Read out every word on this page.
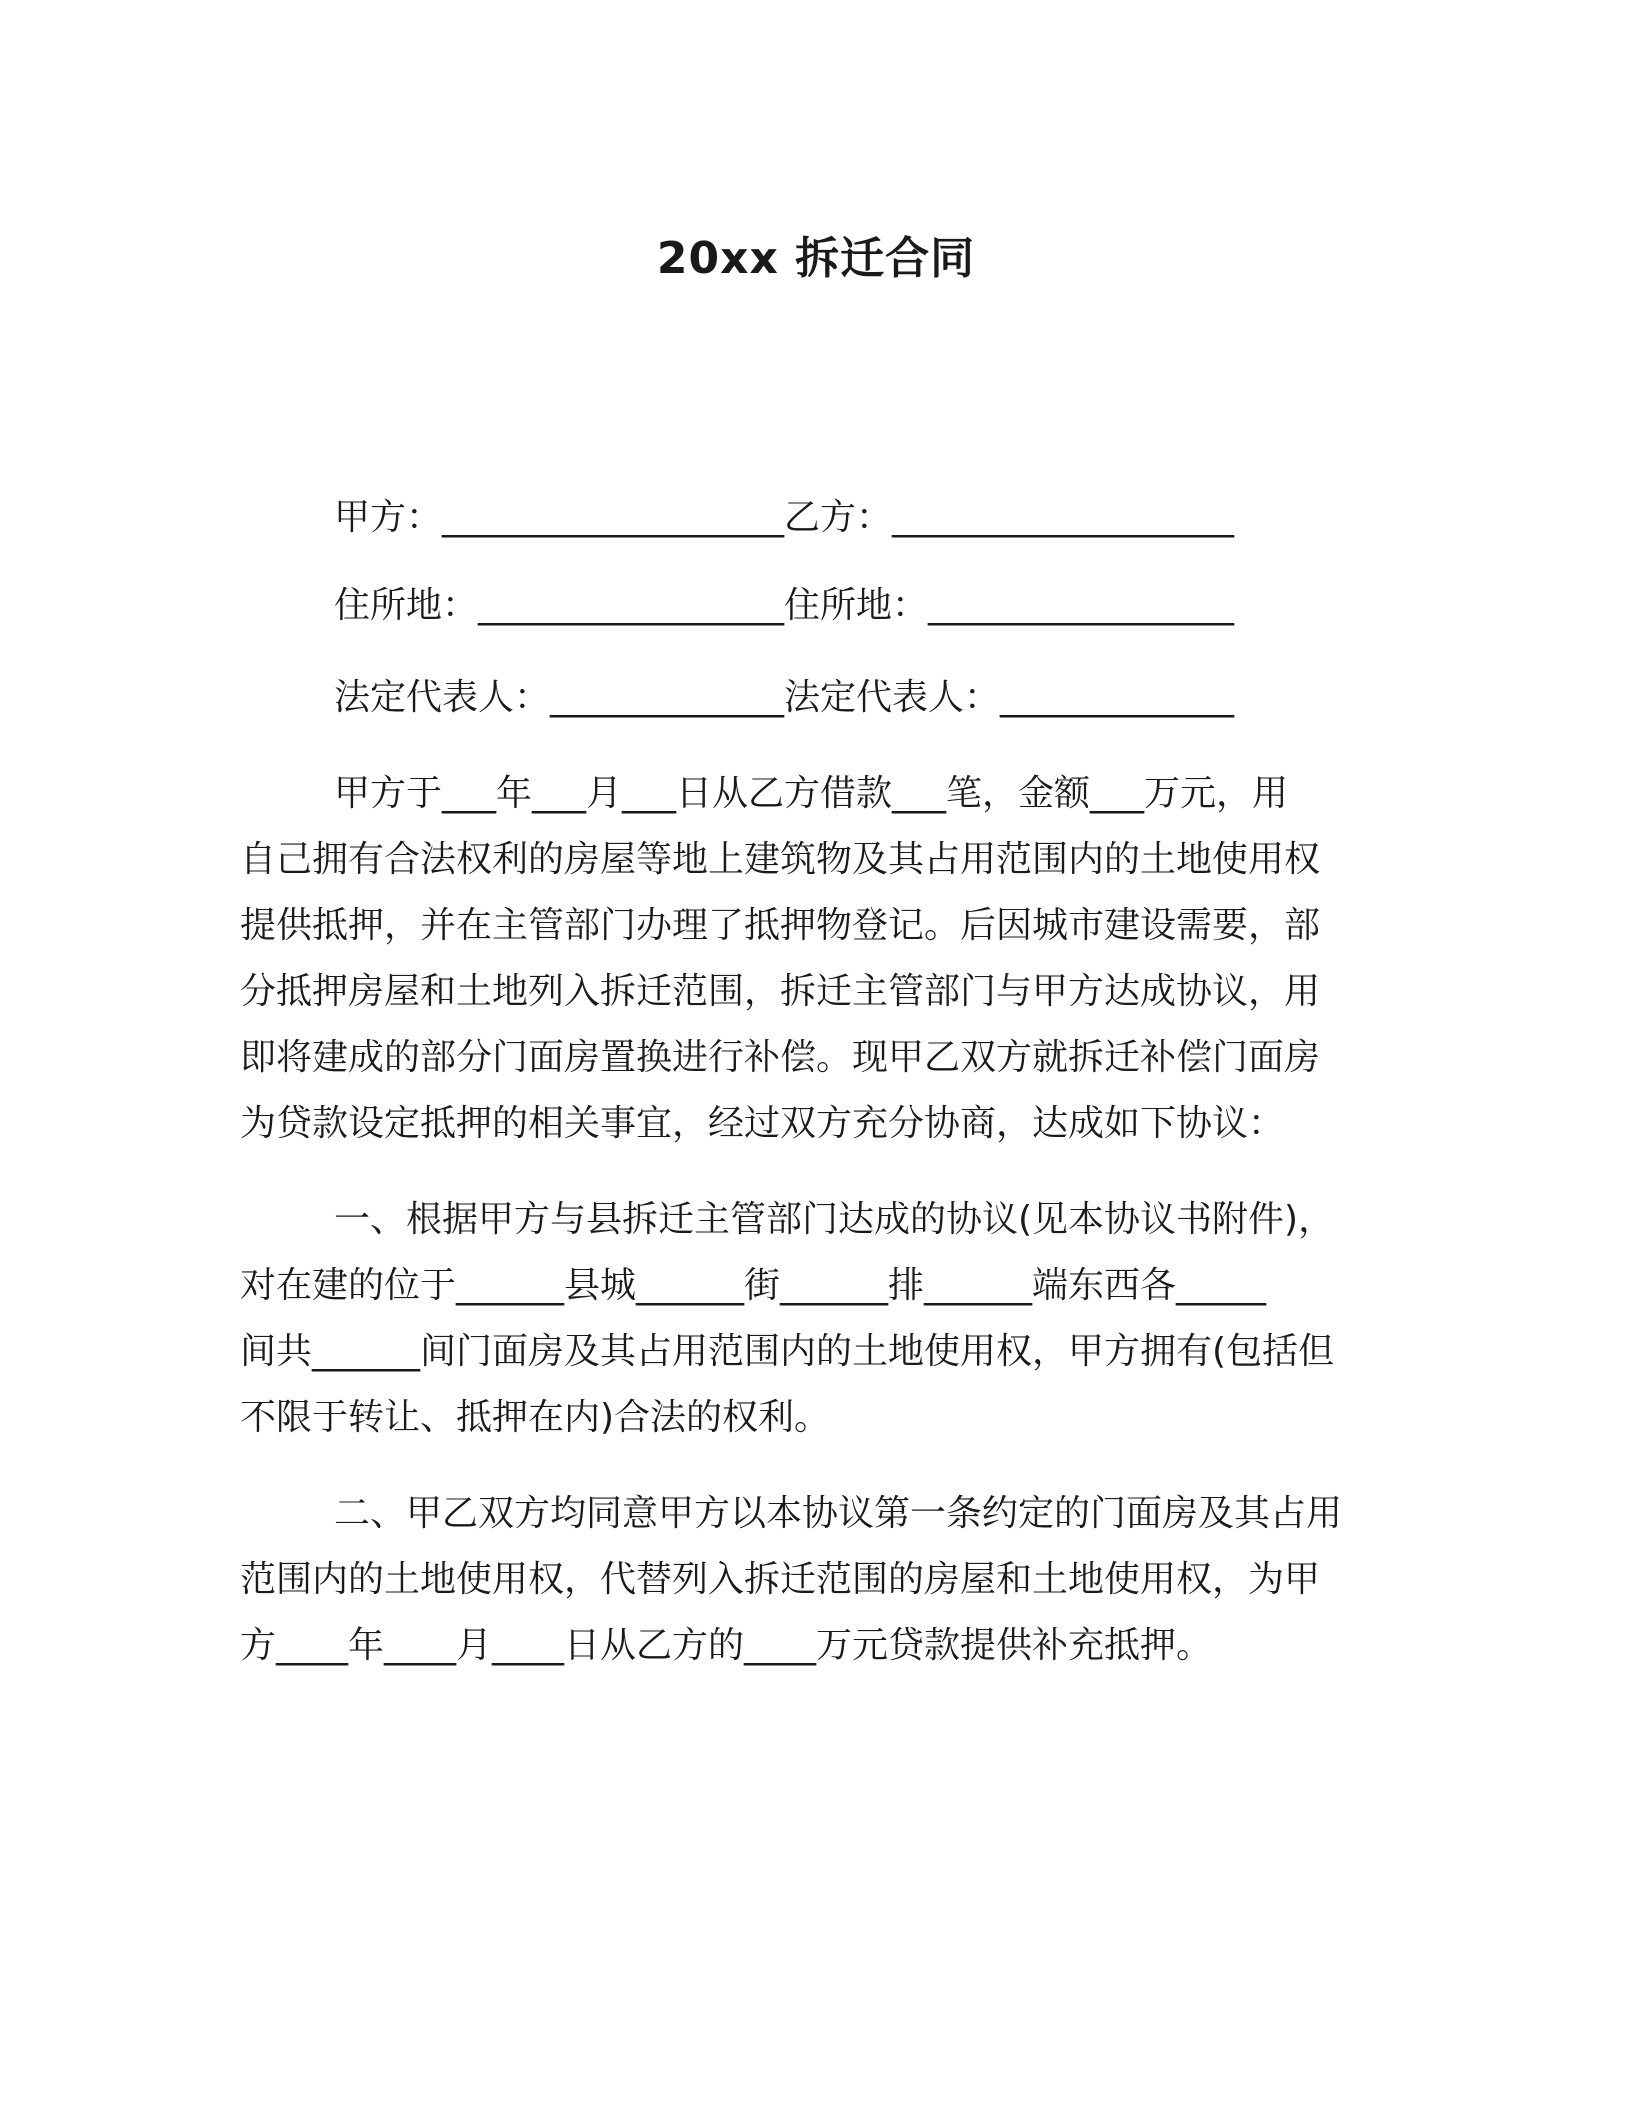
20xx 拆迁合同

甲方：___________________乙方：___________________

住所地：_________________住所地：_________________

法定代表人：_____________法定代表人：_____________

甲方于___年___月___日从乙方借款___笔，金额___万元，用

自己拥有合法权利的房屋等地上建筑物及其占用范围内的土地使用权

提供抵押，并在主管部门办理了抵押物登记。后因城市建设需要，部

分抵押房屋和土地列入拆迁范围，拆迁主管部门与甲方达成协议，用

即将建成的部分门面房置换进行补偿。现甲乙双方就拆迁补偿门面房

为贷款设定抵押的相关事宜，经过双方充分协商，达成如下协议：

一、根据甲方与县拆迁主管部门达成的协议(见本协议书附件)，

对在建的位于______县城______街______排______端东西各_____

间共______间门面房及其占用范围内的土地使用权，甲方拥有(包括但

不限于转让、抵押在内)合法的权利。

二、甲乙双方均同意甲方以本协议第一条约定的门面房及其占用

范围内的土地使用权，代替列入拆迁范围的房屋和土地使用权，为甲

方____年____月____日从乙方的____万元贷款提供补充抵押。
